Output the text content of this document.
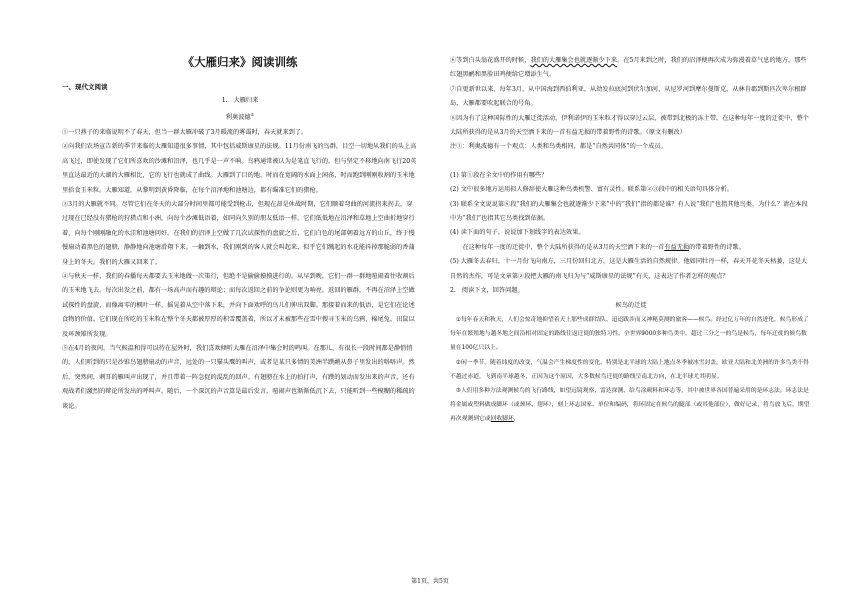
《大雁归来》阅读训练
一、现代文阅读

1. 大雁归来

利奥波德①

①一只燕子的来临说明不了春天，但当一群大雁冲破了3月暖流的雾霭时，春天就来到了。

②向我们农场宣告新的季节来临的大雁知道很多事情，其中包括威斯康星的法规。11月份南飞的鸟群，目空一切地从我们的头上高高飞过，即使发现了它们所喜欢的沙滩和沼泽，也几乎是一声不响。鸟鸦通常被认为是笔直飞行的，但与坚定不移地向南飞行20英里直达最近的大湖的大雁相比，它的飞行也就成了曲线。大雁到了目的地，时而在宽阔的水面上闲荡，时而跑到刚刚收割的玉米地里拾食玉米粒。大雁知道，从黎明到黄昏降临，在每个沼泽地和池塘边，都有瞄准它们的猎枪。

③3月的大雁就不同。尽管它们在冬天的大部分时间里都可能受到枪击，但现在却是休战时期，它们顺着弯曲的河流拐来拐去，穿过现在已经没有猎枪的狩猎点和小洲，向每个沙滩低语着，如同向久别的朋友低语一样。它们低低地在沼泽和草地上空曲折地穿行着，向每个刚刚融化的水洼和池塘问好。在我们的沼泽上空做了几次试探性的盘旋之后，它们白色的尾部朝着远方的山丘，终于慢慢扇动着黑色的翅膀，静静地向池塘滑翔下来。一触到水，我们刚到的客人就会叫起来，似乎它们溅起的水花能抖掉那脆弱的香蒲身上的冬天。我们的大雁又回来了。

④与秋天一样，我们的春播每天都要去玉米地做一次策行，但绝不是偷偷摸摸进行的。从早到晚，它们一群一群地喧闹着往收割后的玉米地飞去。每次出发之前，都有一场高声而有趣的辩论；而每次返回之前的争论则更为响亮。返回的雁群，不再在沼泽上空做试探性的盘旋，而像离零的枫叶一样，摇晃着从空中落下来，并向下面欢呼的鸟儿们伸出双脚。那接着而来的低语，是它们在论述食物的价值。它们现在所吃的玉米粒在整个冬天都被厚厚的积雪覆盖着，所以才未被那些在雪中搜寻玉米的乌鸦、棉尾兔、田鼠以及环颈雉所发现。

⑤在4月的夜间，当气候温和得可以待在屋外时，我们喜欢倾听大雁在沼泽中集会时的鸣叫。在那儿，有很长一段时间都是静悄悄的，人们听到的只是沙锥鸟翅膀扇动的声音，远处的一只猫头鹰的叫声，或者是某只多情的美洲半蹼鹬从鼻子里发出的咯咯声。然后，突然间，刺耳的雁叫声出现了，并且带着一阵急促的混乱的回声。有翅膀在水上的拍打声，有蹼的划动而发出来的声音，还有观战者们激烈的辩论所发出的呼叫声。随后，一个深沉的声音算是最后发言，喧闹声也渐渐低沉下去，只能听到一些模糊的稀疏的谈论。

⑥等到白头翁花盛开的时候，我们的大雁集会也就逐渐少下来。在5月来到之时，我们的沼泽便再次成为弥漫着草气息的地方，那些红翅黑鹂和黑脸田鸡便给它增添生气。

⑦自更新世以来，每年3月，从中国海到西伯利亚，从幼发拉底河到伏尔加河，从尼罗河到摩尔曼斯克，从林肯郡到斯匹次卑尔根群岛，大雁都要吹起联合的号角。

⑧因为有了这种国际性的大雁迁徙活动，伊利诺伊的玉米粒才得以穿过云层，被带到北极的冻土带。在这种每年一度的迁徙中，整个大陆所获得的是从3月的天空洒下来的一首有益无损的带着野性的诗歌。（原文有删改）

注①：利奥波德有一个观点：人类和鸟类相同，都是“自然共同体”的一个成员。

(1) 第①段在全文中的作用有哪些？

(2) 文中很多地方运用拟人修辞使大雁这种鸟类机警、富有灵性。联系第②③段中的相关语句具体分析。

(3) 联系全文说说第⑥段“我们的大雁集会也就逐渐少下来”中的“我们”指的都是谁？有人说“我们”也指其他鸟类，为什么？请在本段中为“我们”也指其它鸟类找到依据。

(4) 读下面的句子，说说加下划线字的表达效果。

在这种每年一度的迁徙中，整个大陆所获得的是从3月的天空洒下来的一首有益无损的带着野性的诗歌。

(5) 大雁冬去春归，十一月份飞向南方，三月份回归北方，这是大雁生活的自然规律。他如同牡丹一样，春天开花冬天枯萎，这是大自然的杰作，可是文章第②段把大雁的南飞归为与“威斯康星的法规”有关，这表达了作者怎样的观点？

2. 阅读下文，回答问题。

候鸟的迁徙

①每年春天和秋天，人们会惊奇地抑望着天上那些成群结队、迢迢跋涉而又神秘莫测的旅客——候鸟。经过亿万年的自然进化，候鸟形成了每年在繁殖地与越冬地之间沿相对固定的路线往返迁徙的独特习性。全世界9000多种鸟类中，超过三分之一的鸟是候鸟，每年迁徙的候鸟数量在100亿只以上。

②闲一季节，随着纬度的改变，气温会产生梯度性的变化。特别是北半球的大陆上地点冬季被冰雪封盖，欧亚大陆和北美洲的许多鸟类不得不越过赤道，飞到南半球越冬，正因为这个原因，大多数候鸟迁徙的路线呈南北方向，在北半球尤其明显。

③人们用多种方法观测候鸟的飞行路线，如望远镜观察、雷达探测、给鸟涂颜料和环志等，其中被世界各国普遍采用的是环志法。环志法是将金属或塑料做成脚环（或颈环、翅环），刻上环志国家、单位和编码，将环固定在候鸟的腿部（或其他部位），做好记录，将鸟放飞后，期望再次观测到它或回收脚环，

第1页，共5页
